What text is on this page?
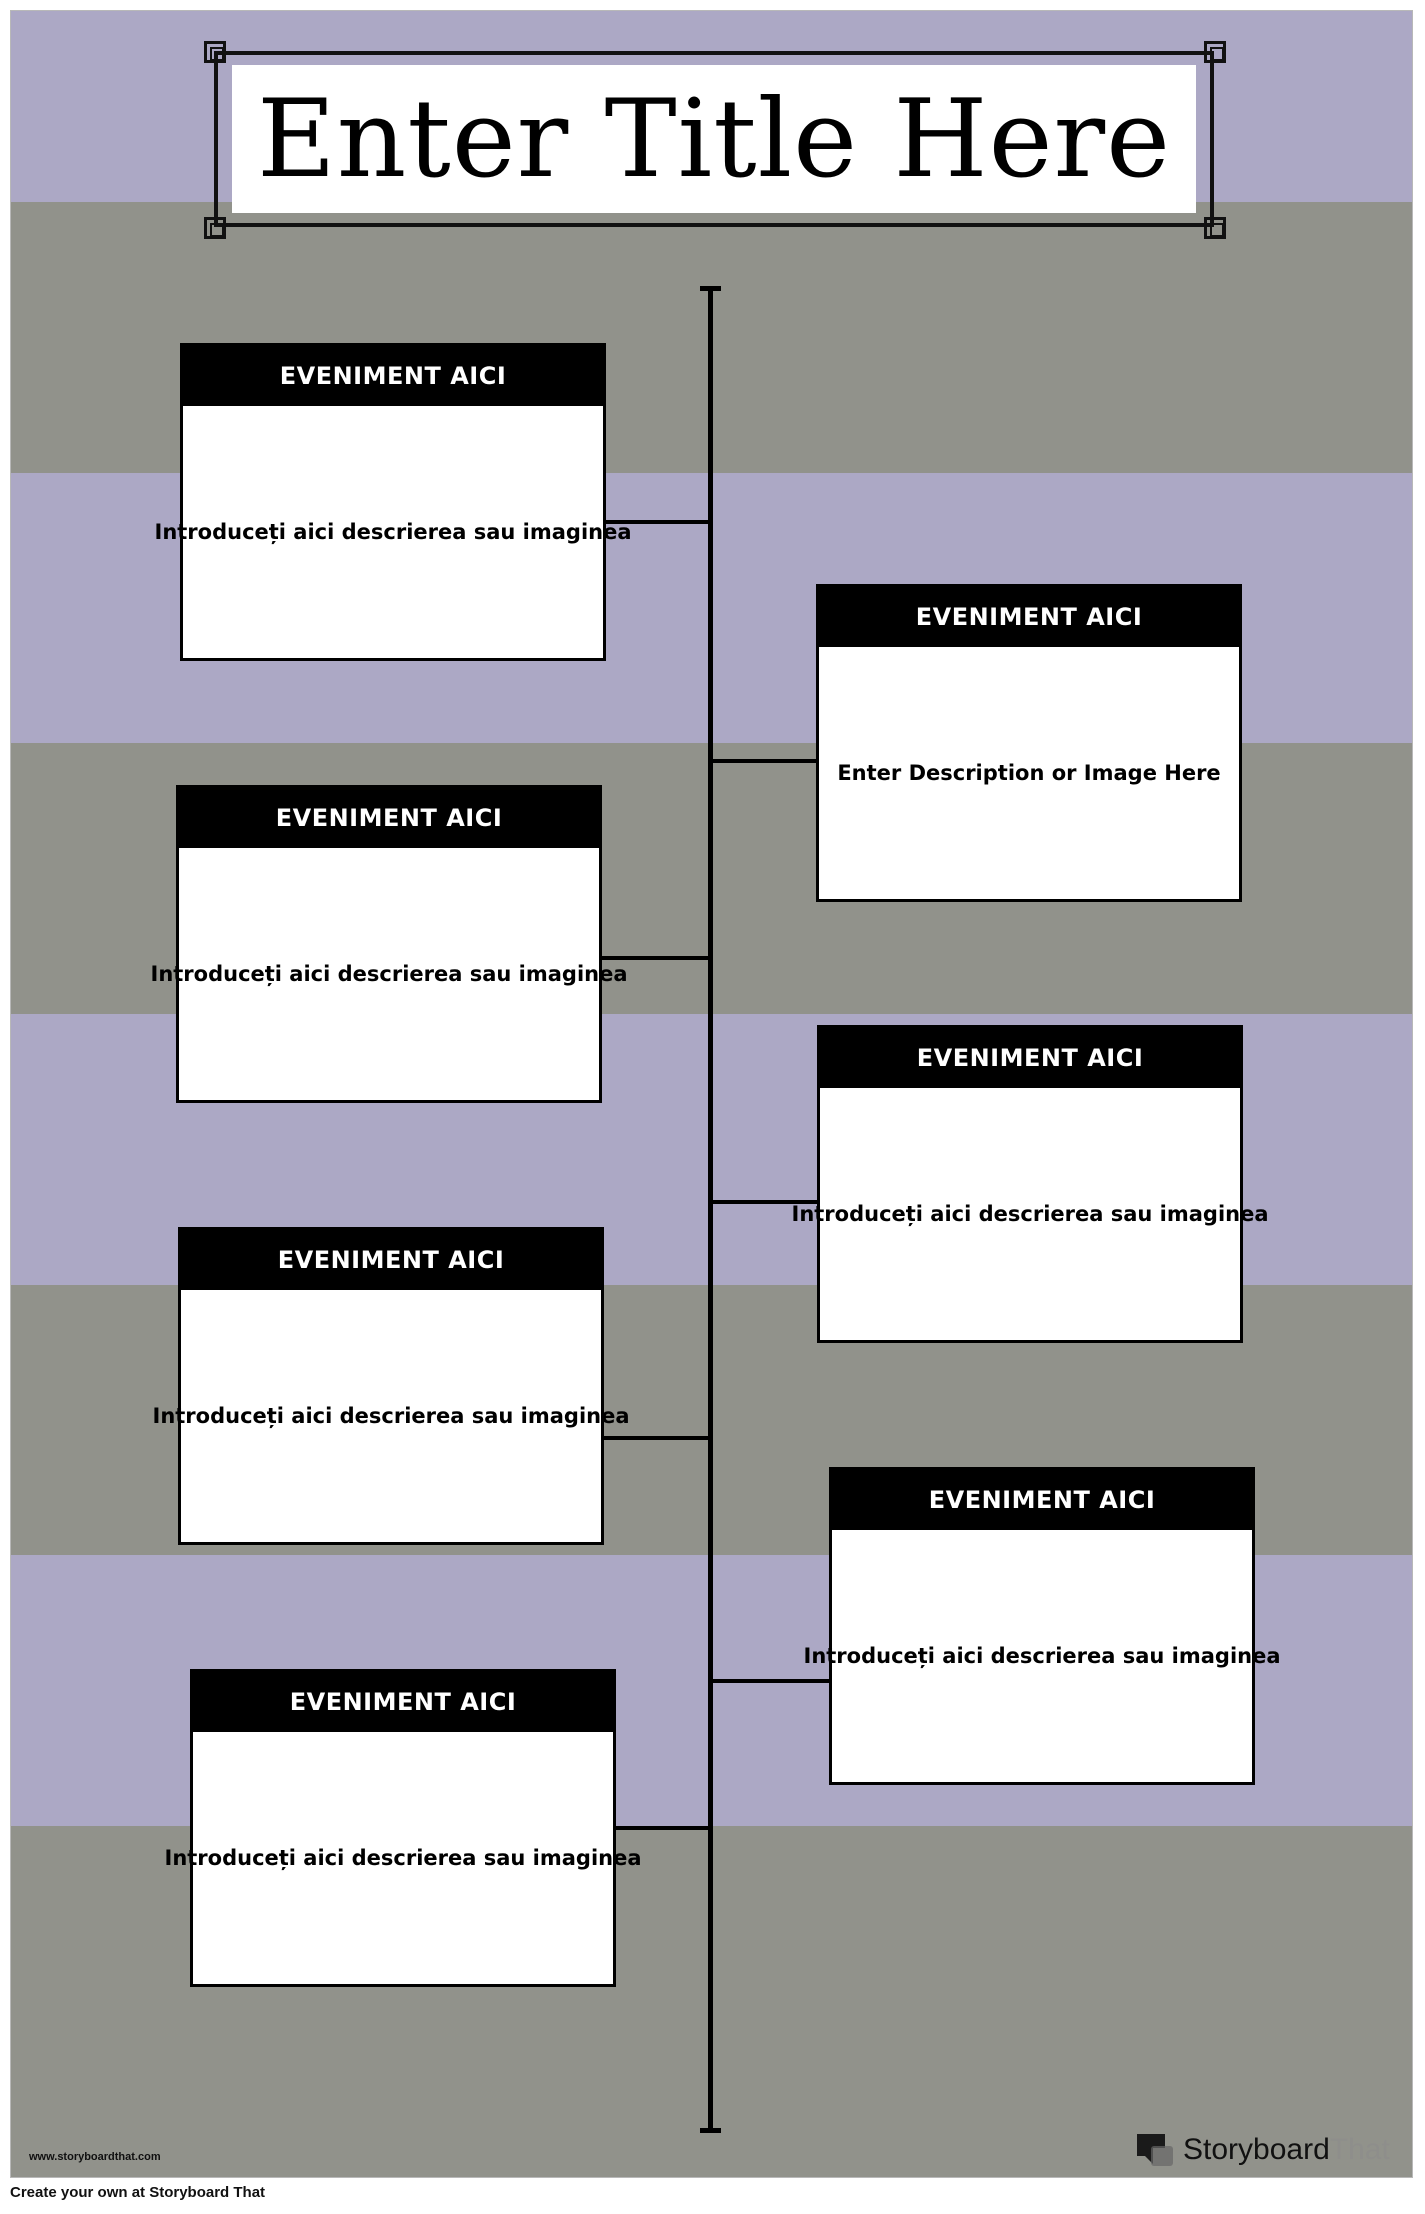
Enter Title Here
EVENIMENT AICI
Introduceți aici descrierea sau imaginea
EVENIMENT AICI
Enter Description or Image Here
EVENIMENT AICI
Introduceți aici descrierea sau imaginea
EVENIMENT AICI
Introduceți aici descrierea sau imaginea
EVENIMENT AICI
Introduceți aici descrierea sau imaginea
EVENIMENT AICI
Introduceți aici descrierea sau imaginea
EVENIMENT AICI
Introduceți aici descrierea sau imaginea
www.storyboardthat.com	Storyboard That
Create your own at Storyboard That
